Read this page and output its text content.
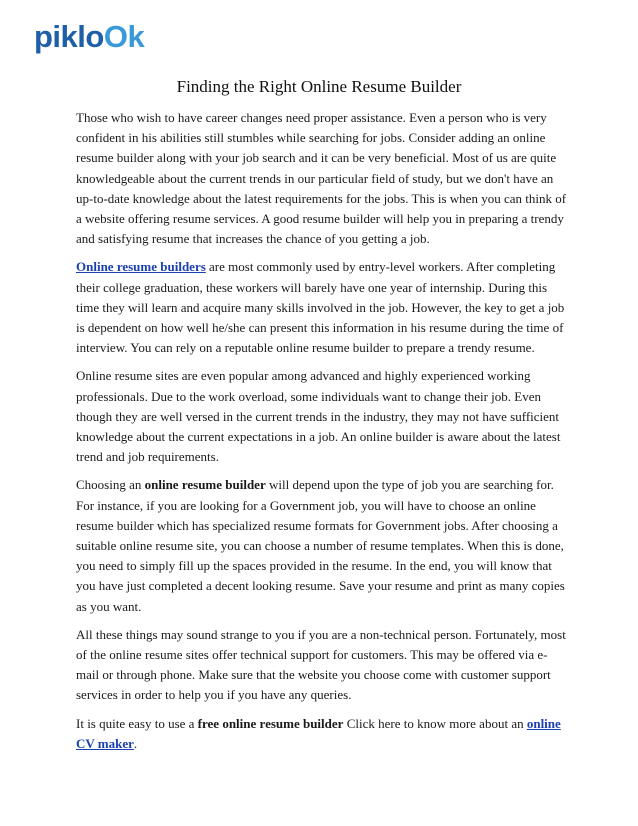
pikloOk
Finding the Right Online Resume Builder

Those who wish to have career changes need proper assistance. Even a person who is very confident in his abilities still stumbles while searching for jobs. Consider adding an online resume builder along with your job search and it can be very beneficial. Most of us are quite knowledgeable about the current trends in our particular field of study, but we don't have an up-to-date knowledge about the latest requirements for the jobs. This is when you can think of a website offering resume services. A good resume builder will help you in preparing a trendy and satisfying resume that increases the chance of you getting a job.

Online resume builders are most commonly used by entry-level workers. After completing their college graduation, these workers will barely have one year of internship. During this time they will learn and acquire many skills involved in the job. However, the key to get a job is dependent on how well he/she can present this information in his resume during the time of interview. You can rely on a reputable online resume builder to prepare a trendy resume.

Online resume sites are even popular among advanced and highly experienced working professionals. Due to the work overload, some individuals want to change their job. Even though they are well versed in the current trends in the industry, they may not have sufficient knowledge about the current expectations in a job. An online builder is aware about the latest trend and job requirements.

Choosing an online resume builder will depend upon the type of job you are searching for. For instance, if you are looking for a Government job, you will have to choose an online resume builder which has specialized resume formats for Government jobs. After choosing a suitable online resume site, you can choose a number of resume templates. When this is done, you need to simply fill up the spaces provided in the resume. In the end, you will know that you have just completed a decent looking resume. Save your resume and print as many copies as you want.

All these things may sound strange to you if you are a non-technical person. Fortunately, most of the online resume sites offer technical support for customers. This may be offered via e-mail or through phone. Make sure that the website you choose come with customer support services in order to help you if you have any queries.

It is quite easy to use a free online resume builder Click here to know more about an online CV maker.
